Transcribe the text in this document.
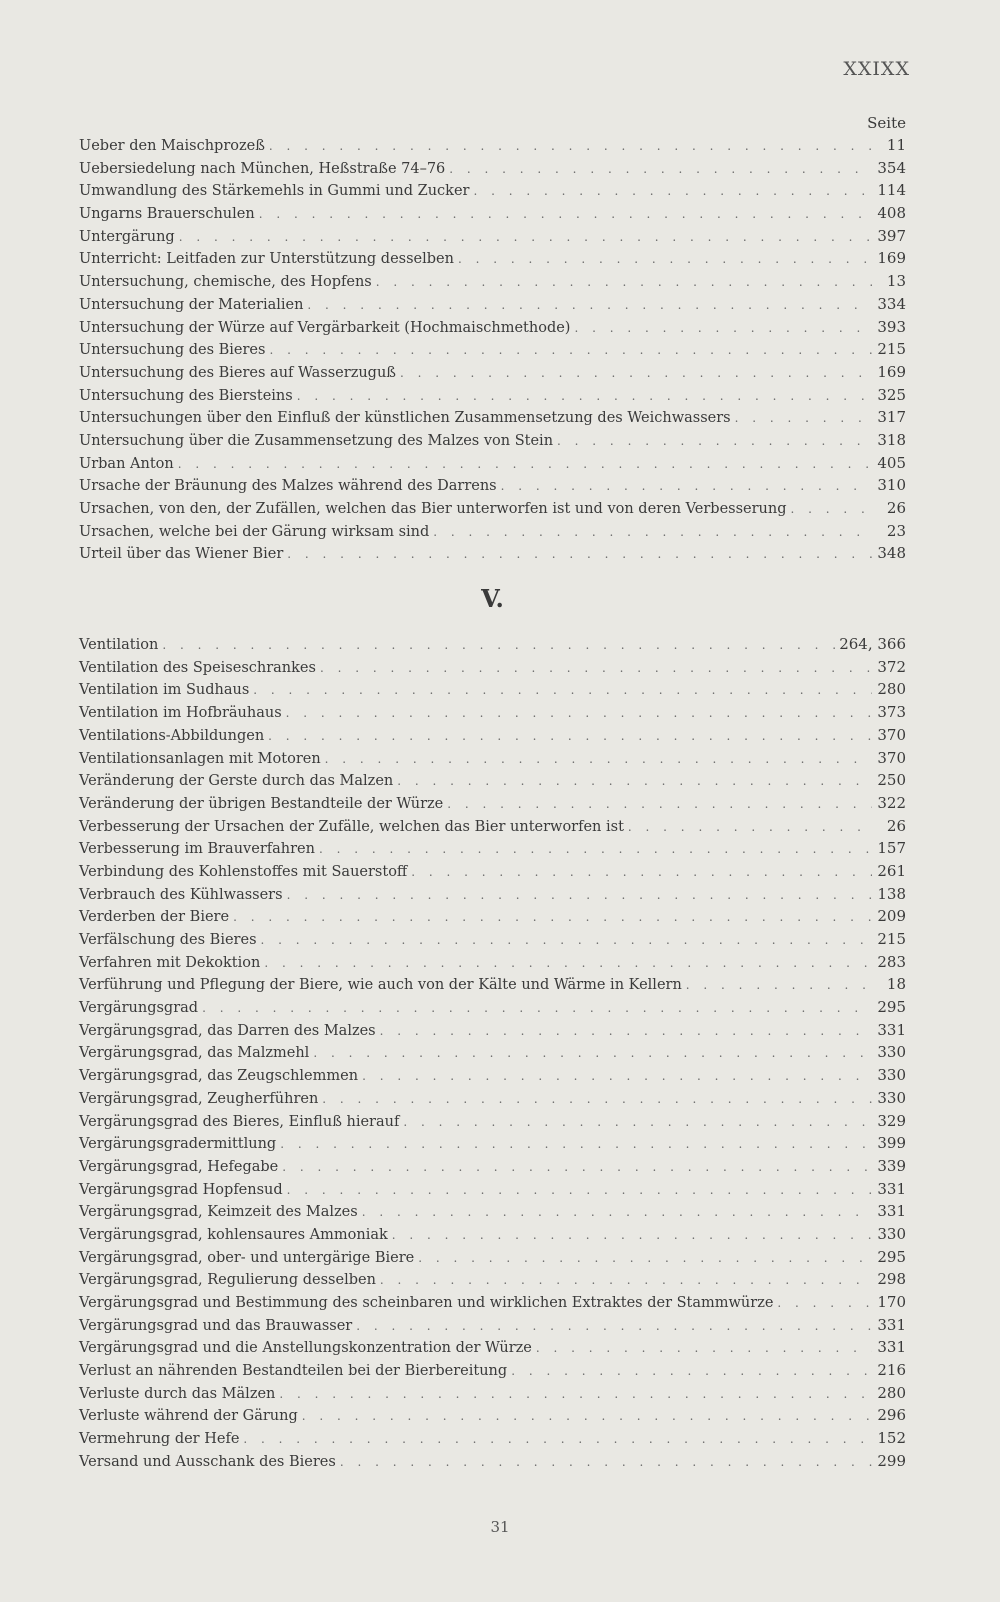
XXIXX
Seite
Ueber den Maischprozeß . . .	11
Uebersiedelung nach München, Heßstraße 74–76 . . .	354
Umwandlung des Stärkemehls in Gummi und Zucker . . .	114
Ungarns Brauerschulen . . .	408
Untergärung . . .	397
Unterricht: Leitfaden zur Unterstützung desselben . . .	169
Untersuchung, chemische, des Hopfens . . .	13
Untersuchung der Materialien . . .	334
Untersuchung der Würze auf Vergärbarkeit (Hochmaischmethode) . . .	393
Untersuchung des Bieres . . .	215
Untersuchung des Bieres auf Wasserzuguß . . .	169
Untersuchung des Biersteins . . .	325
Untersuchungen über den Einfluß der künstlichen Zusammensetzung des Weichwassers . . .	317
Untersuchung über die Zusammensetzung des Malzes von Stein . . .	318
Urban Anton . . .	405
Ursache der Bräunung des Malzes während des Darrens . . .	310
Ursachen, von den, der Zufällen, welchen das Bier unterworfen ist und von deren Verbesserung . . .	26
Ursachen, welche bei der Gärung wirksam sind . . .	23
Urteil über das Wiener Bier . . .	348
V.
Ventilation . . .	264, 366
Ventilation des Speiseschrankes . . .	372
Ventilation im Sudhaus . . .	280
Ventilation im Hofbräuhaus . . .	373
Ventilations-Abbildungen . . .	370
Ventilationsanlagen mit Motoren . . .	370
Veränderung der Gerste durch das Malzen . . .	250
Veränderung der übrigen Bestandteile der Würze . . .	322
Verbesserung der Ursachen der Zufälle, welchen das Bier unterworfen ist . . .	26
Verbesserung im Brauverfahren . . .	157
Verbindung des Kohlenstoffes mit Sauerstoff . . .	261
Verbrauch des Kühlwassers . . .	138
Verderben der Biere . . .	209
Verfälschung des Bieres . . .	215
Verfahren mit Dekoktion . . .	283
Verführung und Pflegung der Biere, wie auch von der Kälte und Wärme in Kellern . . .	18
Vergärungsgrad . . .	295
Vergärungsgrad, das Darren des Malzes . . .	331
Vergärungsgrad, das Malzmehl . . .	330
Vergärungsgrad, das Zeugschlemmen . . .	330
Vergärungsgrad, Zeugherführen . . .	330
Vergärungsgrad des Bieres, Einfluß hierauf . . .	329
Vergärungsgradermittlung . . .	399
Vergärungsgrad, Hefegabe . . .	339
Vergärungsgrad Hopfensud . . .	331
Vergärungsgrad, Keimzeit des Malzes . . .	331
Vergärungsgrad, kohlensaures Ammoniak . . .	330
Vergärungsgrad, ober- und untergärige Biere . . .	295
Vergärungsgrad, Regulierung desselben . . .	298
Vergärungsgrad und Bestimmung des scheinbaren und wirklichen Extraktes der Stammwürze . . .	170
Vergärungsgrad und das Brauwasser . . .	331
Vergärungsgrad und die Anstellungskonzentration der Würze . . .	331
Verlust an nährenden Bestandteilen bei der Bierbereitung . . .	216
Verluste durch das Mälzen . . .	280
Verluste während der Gärung . . .	296
Vermehrung der Hefe . . .	152
Versand und Ausschank des Bieres . . .	299
31
